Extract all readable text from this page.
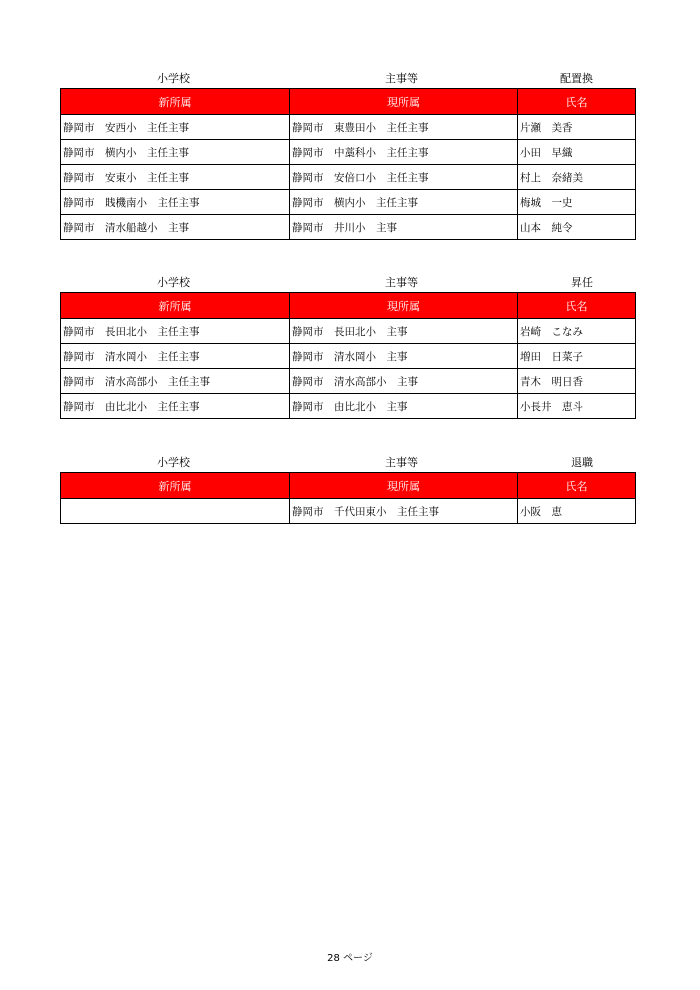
小学校	主事等	配置換
新所属	現所属	氏名
静岡市　安西小　主任主事	静岡市　東豊田小　主任主事	片瀬　美香
静岡市　横内小　主任主事	静岡市　中藁科小　主任主事	小田　早織
静岡市　安東小　主任主事	静岡市　安倍口小　主任主事	村上　奈緒美
静岡市　賎機南小　主任主事	静岡市　横内小　主任主事	梅城　一史
静岡市　清水船越小　主事	静岡市　井川小　主事	山本　純令
小学校	主事等	昇任
新所属	現所属	氏名
静岡市　長田北小　主任主事	静岡市　長田北小　主事	岩崎　こなみ
静岡市　清水岡小　主任主事	静岡市　清水岡小　主事	増田　日菜子
静岡市　清水高部小　主任主事	静岡市　清水高部小　主事	青木　明日香
静岡市　由比北小　主任主事	静岡市　由比北小　主事	小長井　恵斗
小学校	主事等	退職
新所属	現所属	氏名
	静岡市　千代田東小　主任主事	小阪　恵
28 ページ
